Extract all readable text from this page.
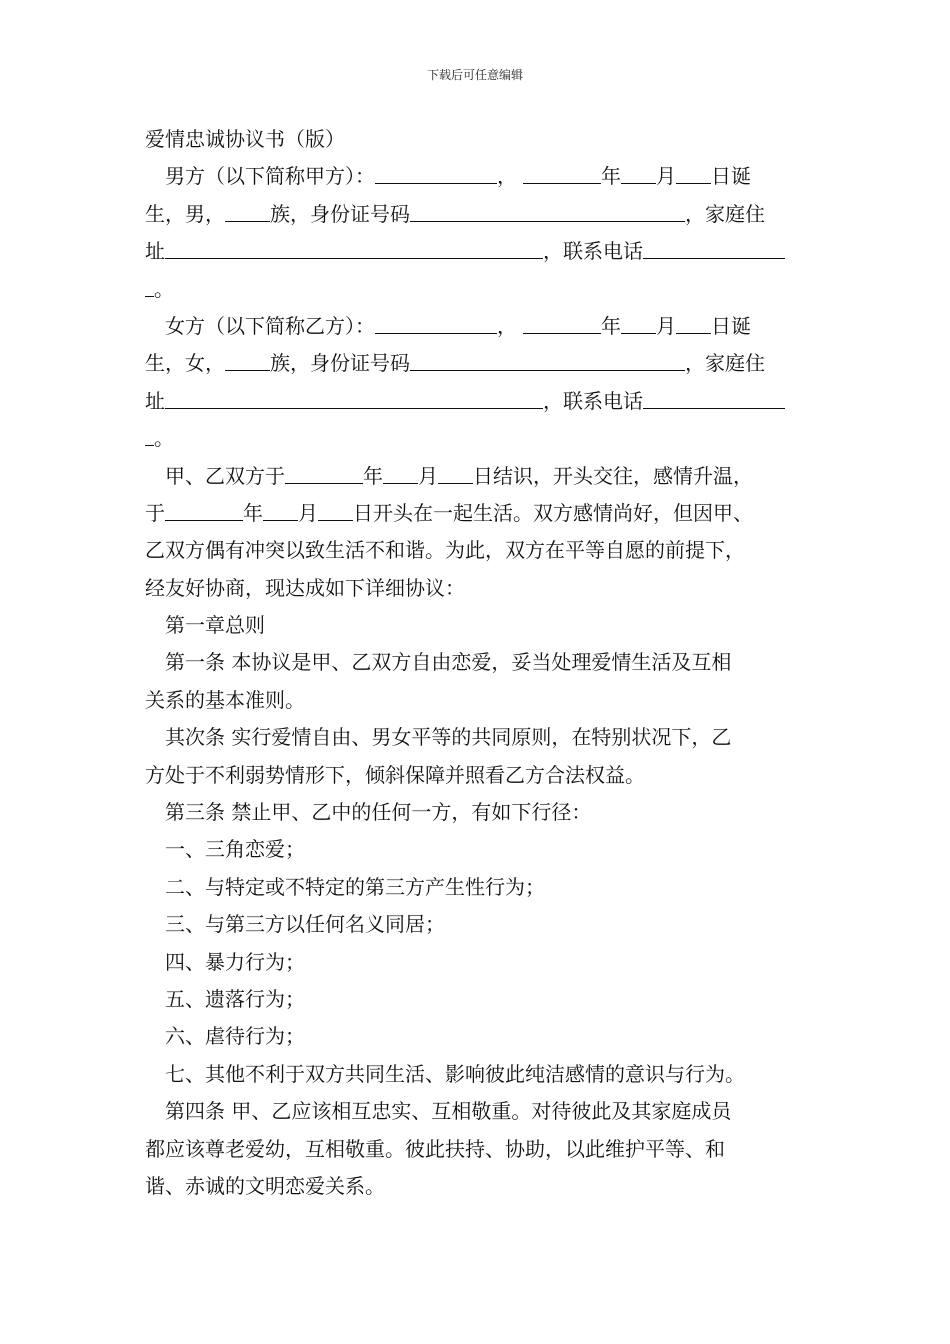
下载后可任意编辑
爱情忠诚协议书（版）
男方（以下简称甲方）：	，	年 月 日诞
生，男， 族，身份证号码	，家庭住
址	，联系电话
。
女方（以下简称乙方）：	，	年 月 日诞
生，女， 族，身份证号码	，家庭住
址	，联系电话
。
甲、乙双方于	年 月 日结识，开头交往，感情升温，
于	年 月 日开头在一起生活。双方感情尚好，但因甲、
乙双方偶有冲突以致生活不和谐。为此，双方在平等自愿的前提下，
经友好协商，现达成如下详细协议：
第一章总则
第一条 本协议是甲、乙双方自由恋爱，妥当处理爱情生活及互相
关系的基本准则。
其次条 实行爱情自由、男女平等的共同原则，在特别状况下，乙
方处于不利弱势情形下，倾斜保障并照看乙方合法权益。
第三条 禁止甲、乙中的任何一方，有如下行径：
一、三角恋爱；
二、与特定或不特定的第三方产生性行为；
三、与第三方以任何名义同居；
四、暴力行为；
五、遗落行为；
六、虐待行为；
七、其他不利于双方共同生活、影响彼此纯洁感情的意识与行为。
第四条 甲、乙应该相互忠实、互相敬重。对待彼此及其家庭成员
都应该尊老爱幼，互相敬重。彼此扶持、协助，以此维护平等、和
谐、赤诚的文明恋爱关系。
